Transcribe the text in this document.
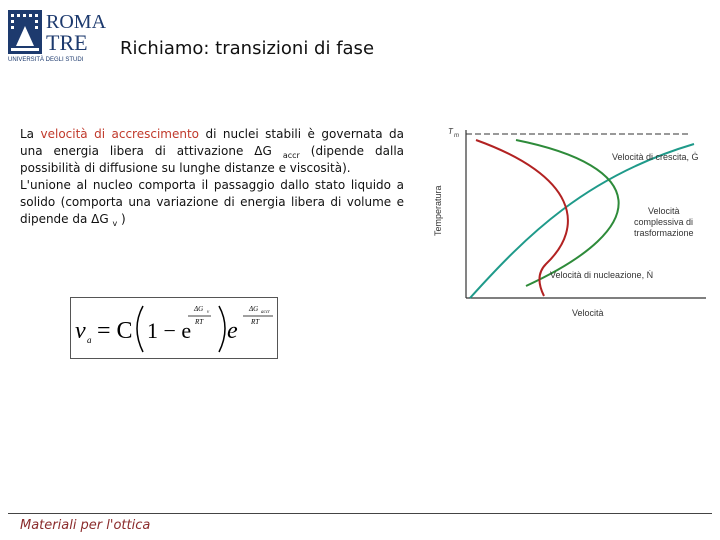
ROMA
TRE
UNIVERSITÀ DEGLI STUDI
Richiamo: transizioni di fase
La velocità di accrescimento di nuclei stabili è governata da una energia libera di attivazione ΔG $_{accr}$ (dipende dalla possibilità di diffusione su lunghe distanze e viscosità).
L'unione al nucleo comporta il passaggio dallo stato liquido a solido (comporta una variazione di energia libera di volume e dipende da ΔG $_v$ )
v a = C 1 − e
ΔG v
RT e
ΔG accr
RT
T m
Temperatura
Velocità
Velocità di crescita, Ġ
Velocità
complessiva di
trasformazione
Velocità di nucleazione, Ṅ
Materiali per l'ottica
